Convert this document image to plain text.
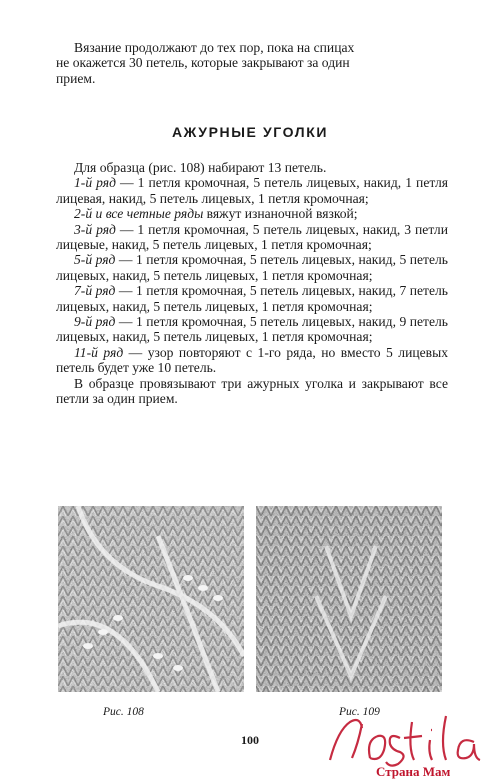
Вязание продолжают до тех пор, пока на спицах
не окажется 30 петель, которые закрывают за один
прием.
АЖУРНЫЕ УГОЛКИ

Для образца (рис. 108) набирают 13 петель.

1-й ряд — 1 петля кромочная, 5 петель лицевых, накид, 1 петля лицевая, накид, 5 петель лицевых, 1 петля кромочная;

2-й и все четные ряды вяжут изнаночной вязкой;

3-й ряд — 1 петля кромочная, 5 петель лицевых, накид, 3 петли лицевые, накид, 5 петель лицевых, 1 петля кромочная;

5-й ряд — 1 петля кромочная, 5 петель лицевых, накид, 5 петель лицевых, накид, 5 петель лицевых, 1 петля кромочная;

7-й ряд — 1 петля кромочная, 5 петель лицевых, накид, 7 петель лицевых, накид, 5 петель лицевых, 1 петля кромочная;

9-й ряд — 1 петля кромочная, 5 петель лицевых, накид, 9 петель лицевых, накид, 5 петель лицевых, 1 петля кромочная;

11-й ряд — узор повторяют с 1-го ряда, но вместо 5 лицевых петель будет уже 10 петель.

В образце провязывают три ажурных уголка и закрывают все петли за один прием.

Рис. 108	Рис. 109
100
Страна Мам
